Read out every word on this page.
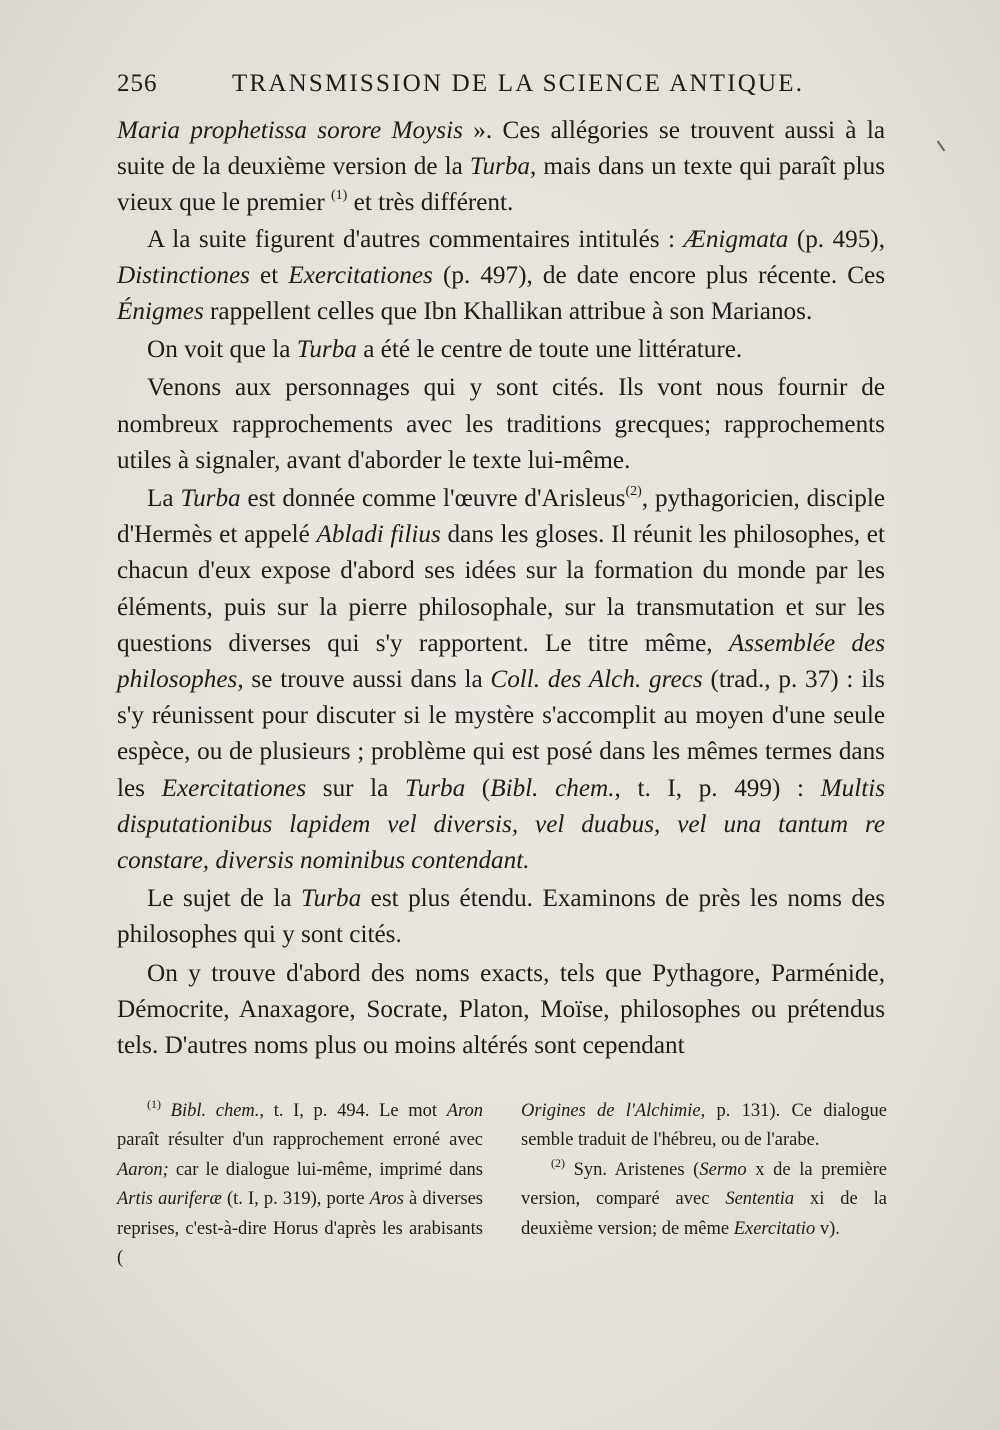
256	TRANSMISSION DE LA SCIENCE ANTIQUE.

Maria prophetissa sorore Moysis ». Ces allégories se trouvent aussi à la suite de la deuxième version de la Turba, mais dans un texte qui paraît plus vieux que le premier $^{(1)}$ et très différent.

A la suite figurent d'autres commentaires intitulés : Ænigmata (p. 495), Distinctiones et Exercitationes (p. 497), de date encore plus récente. Ces Énigmes rappellent celles que Ibn Khallikan attribue à son Marianos.

On voit que la Turba a été le centre de toute une littérature.

Venons aux personnages qui y sont cités. Ils vont nous fournir de nombreux rapprochements avec les traditions grecques; rapprochements utiles à signaler, avant d'aborder le texte lui-même.

La Turba est donnée comme l'œuvre d'Arisleus$^{(2)}$, pythagoricien, disciple d'Hermès et appelé Abladi filius dans les gloses. Il réunit les philosophes, et chacun d'eux expose d'abord ses idées sur la formation du monde par les éléments, puis sur la pierre philosophale, sur la transmutation et sur les questions diverses qui s'y rapportent. Le titre même, Assemblée des philosophes, se trouve aussi dans la Coll. des Alch. grecs (trad., p. 37) : ils s'y réunissent pour discuter si le mystère s'accomplit au moyen d'une seule espèce, ou de plusieurs ; problème qui est posé dans les mêmes termes dans les Exercitationes sur la Turba (Bibl. chem., t. I, p. 499) : Multis disputationibus lapidem vel diversis, vel duabus, vel una tantum re constare, diversis nominibus contendant.

Le sujet de la Turba est plus étendu. Examinons de près les noms des philosophes qui y sont cités.

On y trouve d'abord des noms exacts, tels que Pythagore, Parménide, Démocrite, Anaxagore, Socrate, Platon, Moïse, philosophes ou prétendus tels. D'autres noms plus ou moins altérés sont cependant

$^{(1)}$ Bibl. chem., t. I, p. 494. Le mot Aron paraît résulter d'un rapprochement erroné avec Aaron; car le dialogue lui-même, imprimé dans Artis auriferæ (t. I, p. 319), porte Aros à diverses reprises, c'est-à-dire Horus d'après les arabisants (

Origines de l'Alchimie, p. 131). Ce dialogue semble traduit de l'hébreu, ou de l'arabe.

$^{(2)}$ Syn. Aristenes (Sermo x de la première version, comparé avec Sententia xi de la deuxième version; de même Exercitatio v).
